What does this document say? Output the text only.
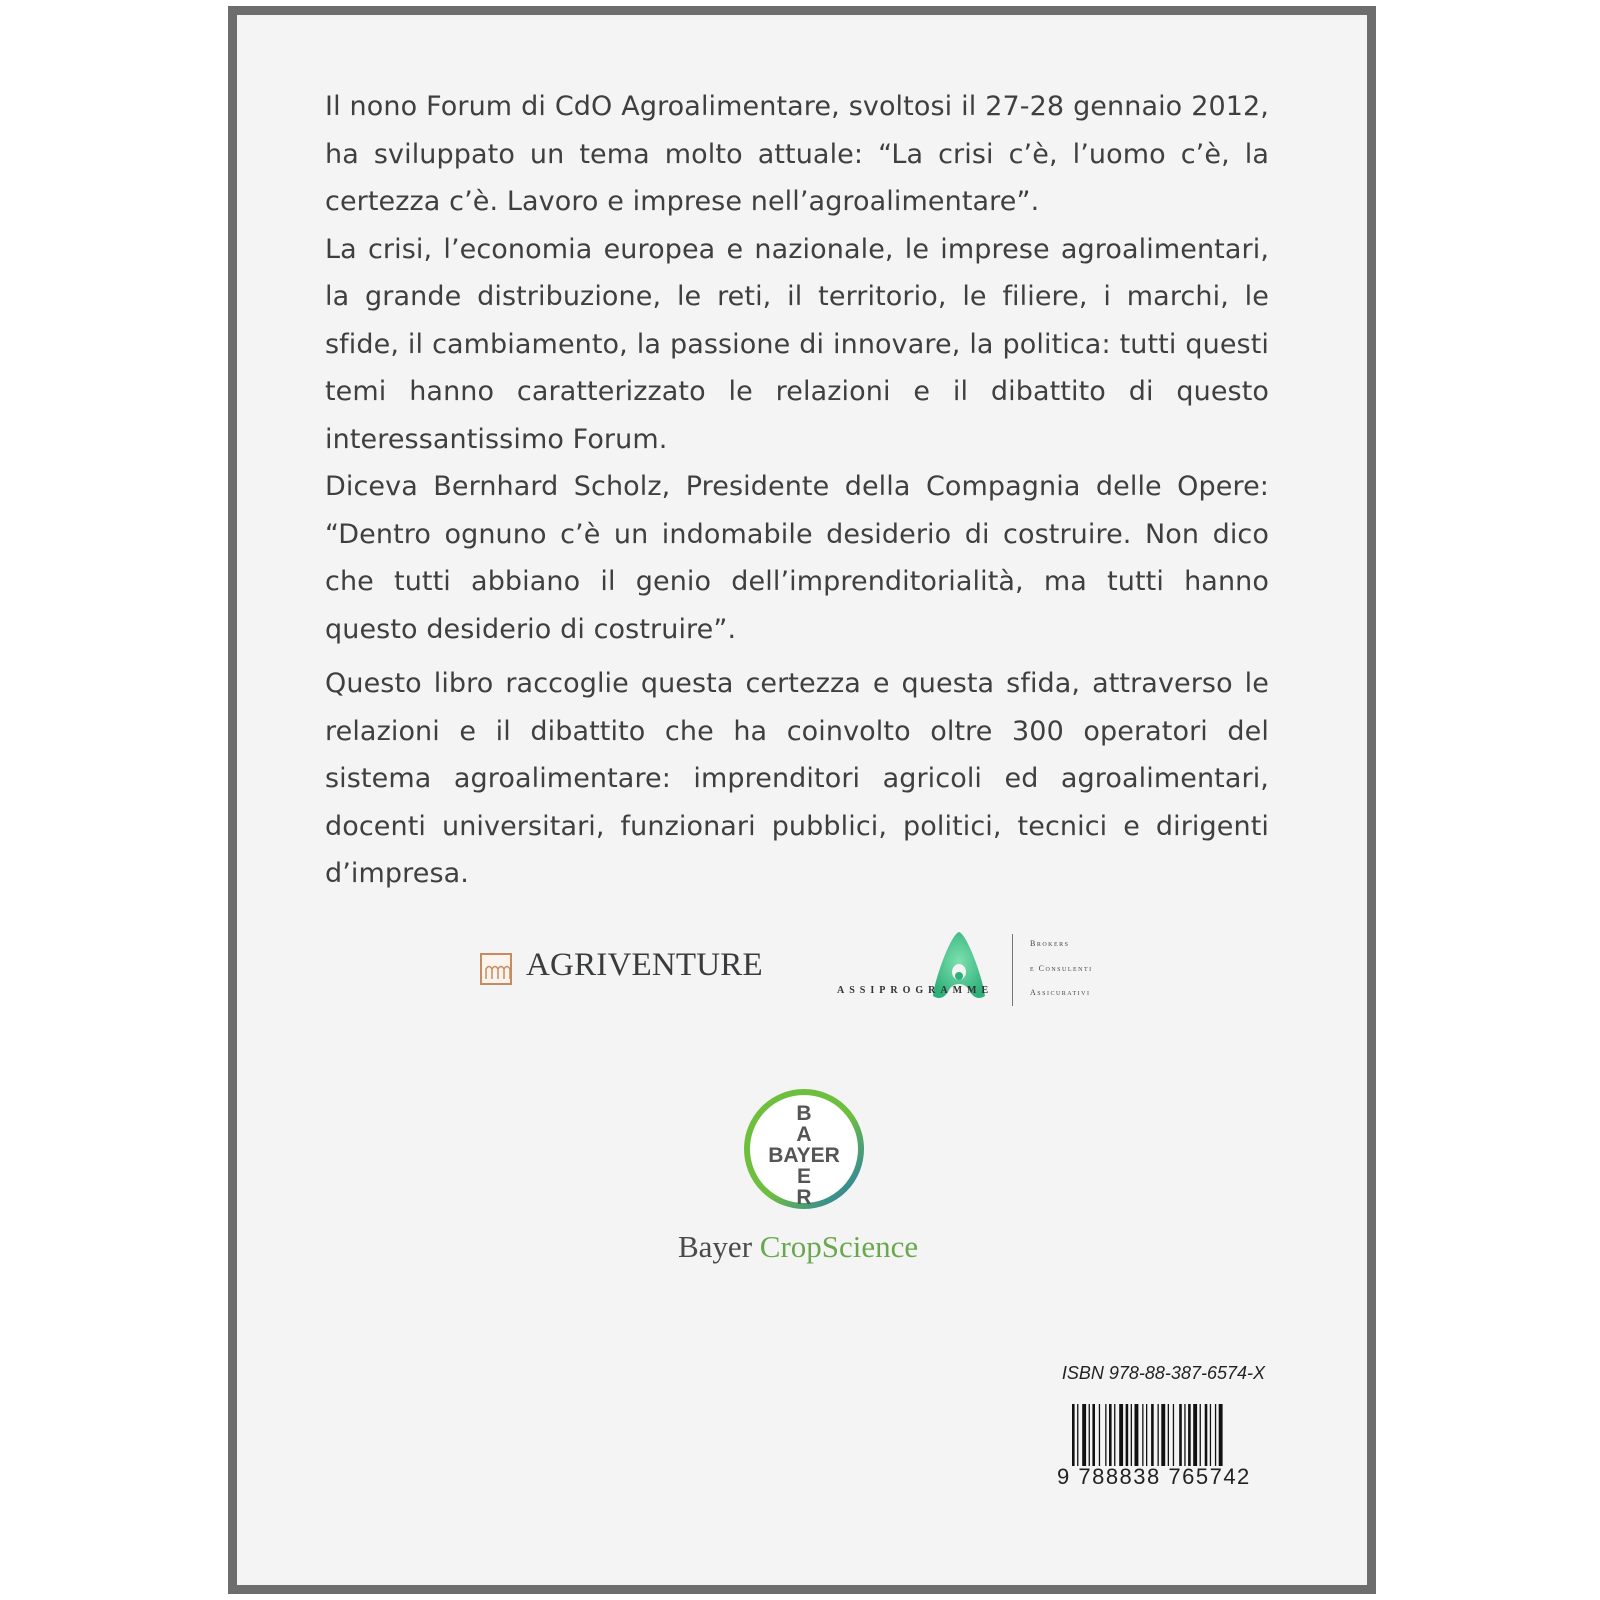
Il nono Forum di CdO Agroalimentare, svoltosi il 27-28 gennaio 2012, ha sviluppato un tema molto attuale: “La crisi c’è, l’uomo c’è, la certezza c’è. Lavoro e imprese nell’agroalimentare”.

La crisi, l’economia europea e nazionale, le imprese agroalimentari, la grande distribuzione, le reti, il territorio, le filiere, i marchi, le sfide, il cambiamento, la passione di innovare, la politica: tutti questi temi hanno caratterizzato le relazioni e il dibattito di questo interessantissimo Forum.

Diceva Bernhard Scholz, Presidente della Compagnia delle Opere: “Dentro ognuno c’è un indomabile desiderio di costruire. Non dico che tutti abbiano il genio dell’imprenditorialità, ma tutti hanno questo desiderio di costruire”.

Questo libro raccoglie questa certezza e questa sfida, attraverso le relazioni e il dibattito che ha coinvolto oltre 300 operatori del sistema agroalimentare: imprenditori agricoli ed agroalimentari, docenti universitari, funzionari pubblici, politici, tecnici e dirigenti d’impresa.

AGRIVENTURE
ASSIPROGRAMME
Brokers
e Consulenti
Assicurativi
B
A
BAYER
E
R
Bayer CropScience
ISBN 978-88-387-6574-X
9 788838 765742
